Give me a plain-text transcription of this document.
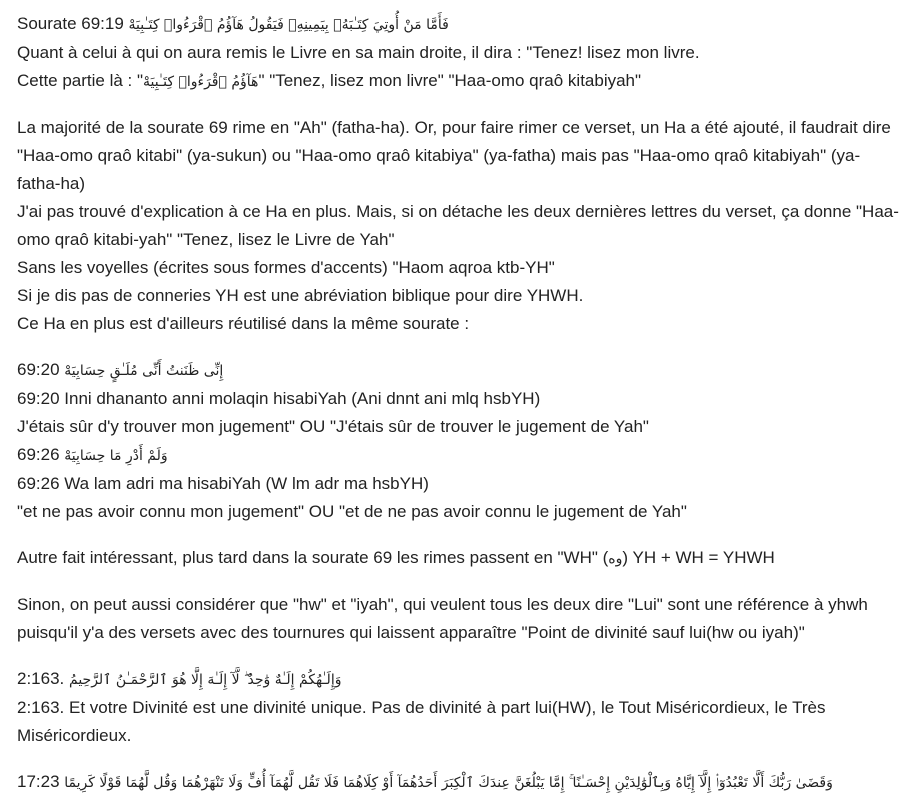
Sourate 69:19 فَأَمَّا مَنْ أُوتِيَ كِتَـٰبَهُۥ بِيَمِينِهِۦ فَيَقُولُ هَآؤُمُ ٱقْرَءُوا۟ كِتَـٰبِيَهْ
Quant à celui à qui on aura remis le Livre en sa main droite, il dira : "Tenez! lisez mon livre.
Cette partie là : "هَآؤُمُ ٱقْرَءُوا۟ كِتَـٰبِيَهْ" "Tenez, lisez mon livre" "Haa-omo qraô kitabiyah"
La majorité de la sourate 69 rime en "Ah" (fatha-ha). Or, pour faire rimer ce verset, un Ha a été ajouté, il faudrait dire "Haa-omo qraô kitabi" (ya-sukun) ou "Haa-omo qraô kitabiya" (ya-fatha) mais pas "Haa-omo qraô kitabiyah" (ya-fatha-ha)
J'ai pas trouvé d'explication à ce Ha en plus. Mais, si on détache les deux dernières lettres du verset, ça donne "Haa-omo qraô kitabi-yah" "Tenez, lisez le Livre de Yah"
Sans les voyelles (écrites sous formes d'accents) "Haom aqroa ktb-YH"
Si je dis pas de conneries YH est une abréviation biblique pour dire YHWH.
Ce Ha en plus est d'ailleurs réutilisé dans la même sourate :
69:20 إِنِّى ظَنَنتُ أَنِّى مُلَـٰقٍ حِسَابِيَهْ
69:20 Inni dhananto anni molaqin hisabiYah (Ani dnnt ani mlq hsbYH)
J'étais sûr d'y trouver mon jugement" OU "J'étais sûr de trouver le jugement de Yah"
69:26 وَلَمْ أَدْرِ مَا حِسَابِيَهْ
69:26 Wa lam adri ma hisabiYah (W lm adr ma hsbYH)
"et ne pas avoir connu mon jugement" OU "et de ne pas avoir connu le jugement de Yah"
Autre fait intéressant, plus tard dans la sourate 69 les rimes passent en "WH" (وه) YH + WH = YHWH
Sinon, on peut aussi considérer que "hw" et "iyah", qui veulent tous les deux dire "Lui" sont une référence à yhwh puisqu'il y'a des versets avec des tournures qui laissent apparaître "Point de divinité sauf lui(hw ou iyah)"
2:163. وَإِلَـٰهُكُمْ إِلَـٰهٌ وَٰحِدٌ ۖ لَّآ إِلَـٰهَ إِلَّا هُوَ ٱلرَّحْمَـٰنُ ٱلرَّحِيمُ
2:163. Et votre Divinité est une divinité unique. Pas de divinité à part lui(HW), le Tout Miséricordieux, le Très Miséricordieux.
17:23 وَقَضَىٰ رَبُّكَ أَلَّا تَعْبُدُوٓا۟ إِلَّآ إِيَّاهُ وَبِٱلْوَٰلِدَيْنِ إِحْسَـٰنًا ۚ إِمَّا يَبْلُغَنَّ عِندَكَ ٱلْكِبَرَ أَحَدُهُمَآ أَوْ كِلَاهُمَا فَلَا تَقُل لَّهُمَآ أُفٍّ وَلَا تَنْهَرْهُمَا وَقُل لَّهُمَا قَوْلًا كَرِيمًا
